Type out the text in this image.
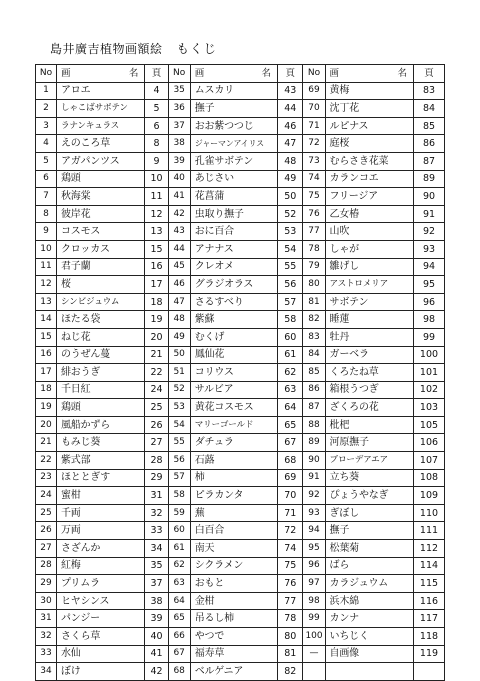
島井廣吉植物画額絵 もくじ
No	画 名	頁	No	画 名	頁	No	画 名	頁
1	アロエ	4	35	ムスカリ	43	69	黄梅	83
2	しゃこばサボテン	5	36	撫子	44	70	沈丁花	84
3	ラナンキュラス	6	37	おお紫つつじ	46	71	ルピナス	85
4	えのころ草	8	38	ジャーマンアイリス	47	72	庭桜	86
5	アガパンツス	9	39	孔雀サボテン	48	73	むらさき花菜	87
6	鶏頭	10	40	あじさい	49	74	カランコエ	89
7	秋海棠	11	41	花菖蒲	50	75	フリージア	90
8	彼岸花	12	42	虫取り撫子	52	76	乙女椿	91
9	コスモス	13	43	おに百合	53	77	山吹	92
10	クロッカス	15	44	アナナス	54	78	しゃが	93
11	君子蘭	16	45	クレオメ	55	79	雛げし	94
12	桜	17	46	グラジオラス	56	80	アストロメリア	95
13	シンビジュウム	18	47	さるすべり	57	81	サボテン	96
14	ほたる袋	19	48	紫蘇	58	82	睡蓮	98
15	ねじ花	20	49	むくげ	60	83	牡丹	99
16	のうぜん蔓	21	50	鳳仙花	61	84	ガーベラ	100
17	緋おうぎ	22	51	コリウス	62	85	くろたね草	101
18	千日紅	24	52	サルビア	63	86	箱根うつぎ	102
19	鶏頭	25	53	黄花コスモス	64	87	ざくろの花	103
20	風船かずら	26	54	マリーゴールド	65	88	枇杷	105
21	もみじ葵	27	55	ダチュラ	67	89	河原撫子	106
22	紫式部	28	56	石蕗	68	90	ブローデアエア	107
23	ほととぎす	29	57	柿	69	91	立ち葵	108
24	蜜柑	31	58	ピラカンタ	70	92	ぴょうやなぎ	109
25	千両	32	59	蕪	71	93	ぎぼし	110
26	万両	33	60	白百合	72	94	撫子	111
27	さざんか	34	61	南天	74	95	松葉菊	112
28	紅梅	35	62	シクラメン	75	96	ばら	114
29	プリムラ	37	63	おもと	76	97	カラジュウム	115
30	ヒヤシンス	38	64	金柑	77	98	浜木綿	116
31	パンジー	39	65	吊るし柿	78	99	カンナ	117
32	さくら草	40	66	やつで	80	100	いちじく	118
33	水仙	41	67	福寿草	81	—	自画像	119
34	ぼけ	42	68	ベルゲニア	82			
